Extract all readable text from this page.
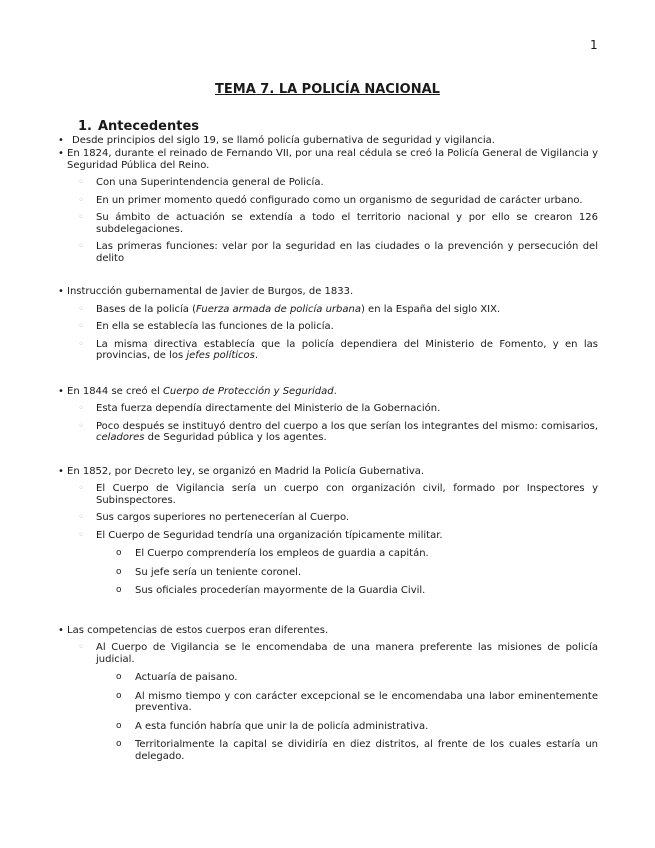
1
TEMA 7. LA POLICÍA NACIONAL
1. Antecedentes
• Desde principios del siglo 19, se llamó policía gubernativa de seguridad y vigilancia.
• En 1824, durante el reinado de Fernando VII, por una real cédula se creó la Policía General de Vigilancia y Seguridad Pública del Reino.
◦ Con una Superintendencia general de Policía.
◦ En un primer momento quedó configurado como un organismo de seguridad de carácter urbano.
◦ Su ámbito de actuación se extendía a todo el territorio nacional y por ello se crearon 126 subdelegaciones.
◦ Las primeras funciones: velar por la seguridad en las ciudades o la prevención y persecución del delito
• Instrucción gubernamental de Javier de Burgos, de 1833.
◦ Bases de la policía (Fuerza armada de policía urbana) en la España del siglo XIX.
◦ En ella se establecía las funciones de la policía.
◦ La misma directiva establecía que la policía dependiera del Ministerio de Fomento, y en las provincias, de los jefes políticos.
• En 1844 se creó el Cuerpo de Protección y Seguridad.
◦ Esta fuerza dependía directamente del Ministerio de la Gobernación.
◦ Poco después se instituyó dentro del cuerpo a los que serían los integrantes del mismo: comisarios, celadores de Seguridad pública y los agentes.
• En 1852, por Decreto ley, se organizó en Madrid la Policía Gubernativa.
◦ El Cuerpo de Vigilancia sería un cuerpo con organización civil, formado por Inspectores y Subinspectores.
◦ Sus cargos superiores no pertenecerían al Cuerpo.
◦ El Cuerpo de Seguridad tendría una organización típicamente militar.
o El Cuerpo comprendería los empleos de guardia a capitán.
o Su jefe sería un teniente coronel.
o Sus oficiales procederían mayormente de la Guardia Civil.
• Las competencias de estos cuerpos eran diferentes.
◦ Al Cuerpo de Vigilancia se le encomendaba de una manera preferente las misiones de policía judicial.
o Actuaría de paisano.
o Al mismo tiempo y con carácter excepcional se le encomendaba una labor eminentemente preventiva.
o A esta función habría que unir la de policía administrativa.
o Territorialmente la capital se dividiría en diez distritos, al frente de los cuales estaría un delegado.
